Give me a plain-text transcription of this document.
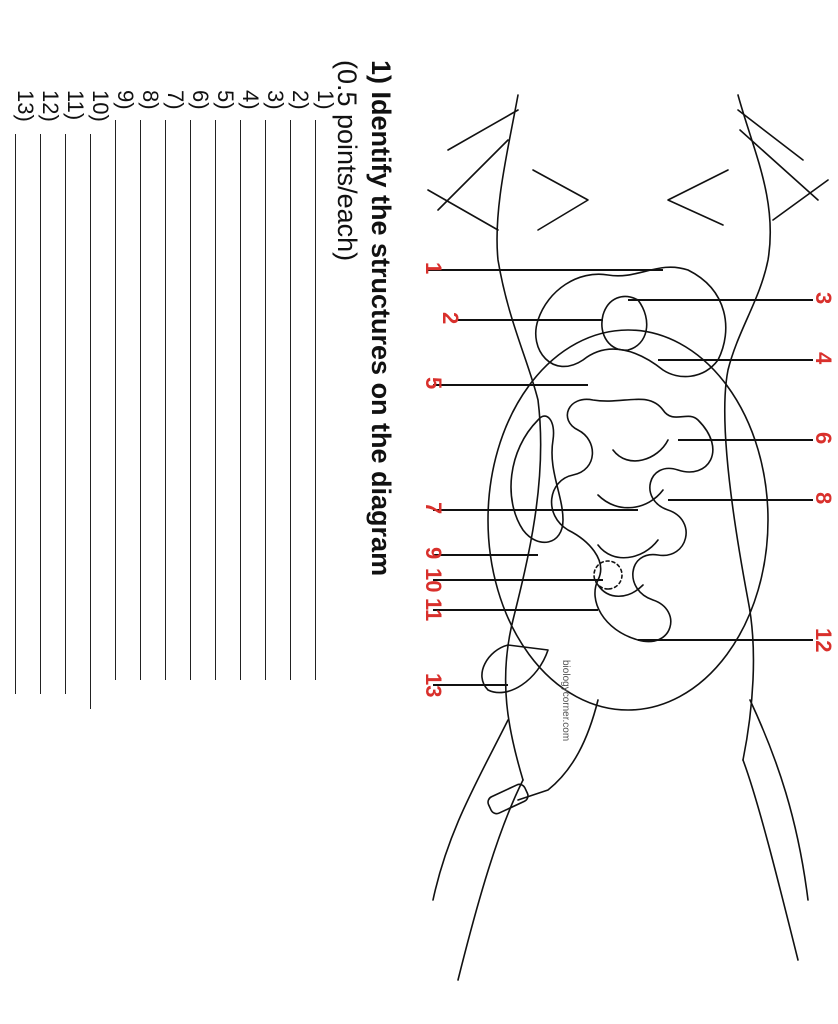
biologycorner.com
1
2
3
4
5
6
7
8
9
10
11
12
13
1) Identify the structures on the diagram (0.5 points/each)
1)
2)
3)
4)
5)
6)
7)
8)
9)
10)
11)
12)
13)
